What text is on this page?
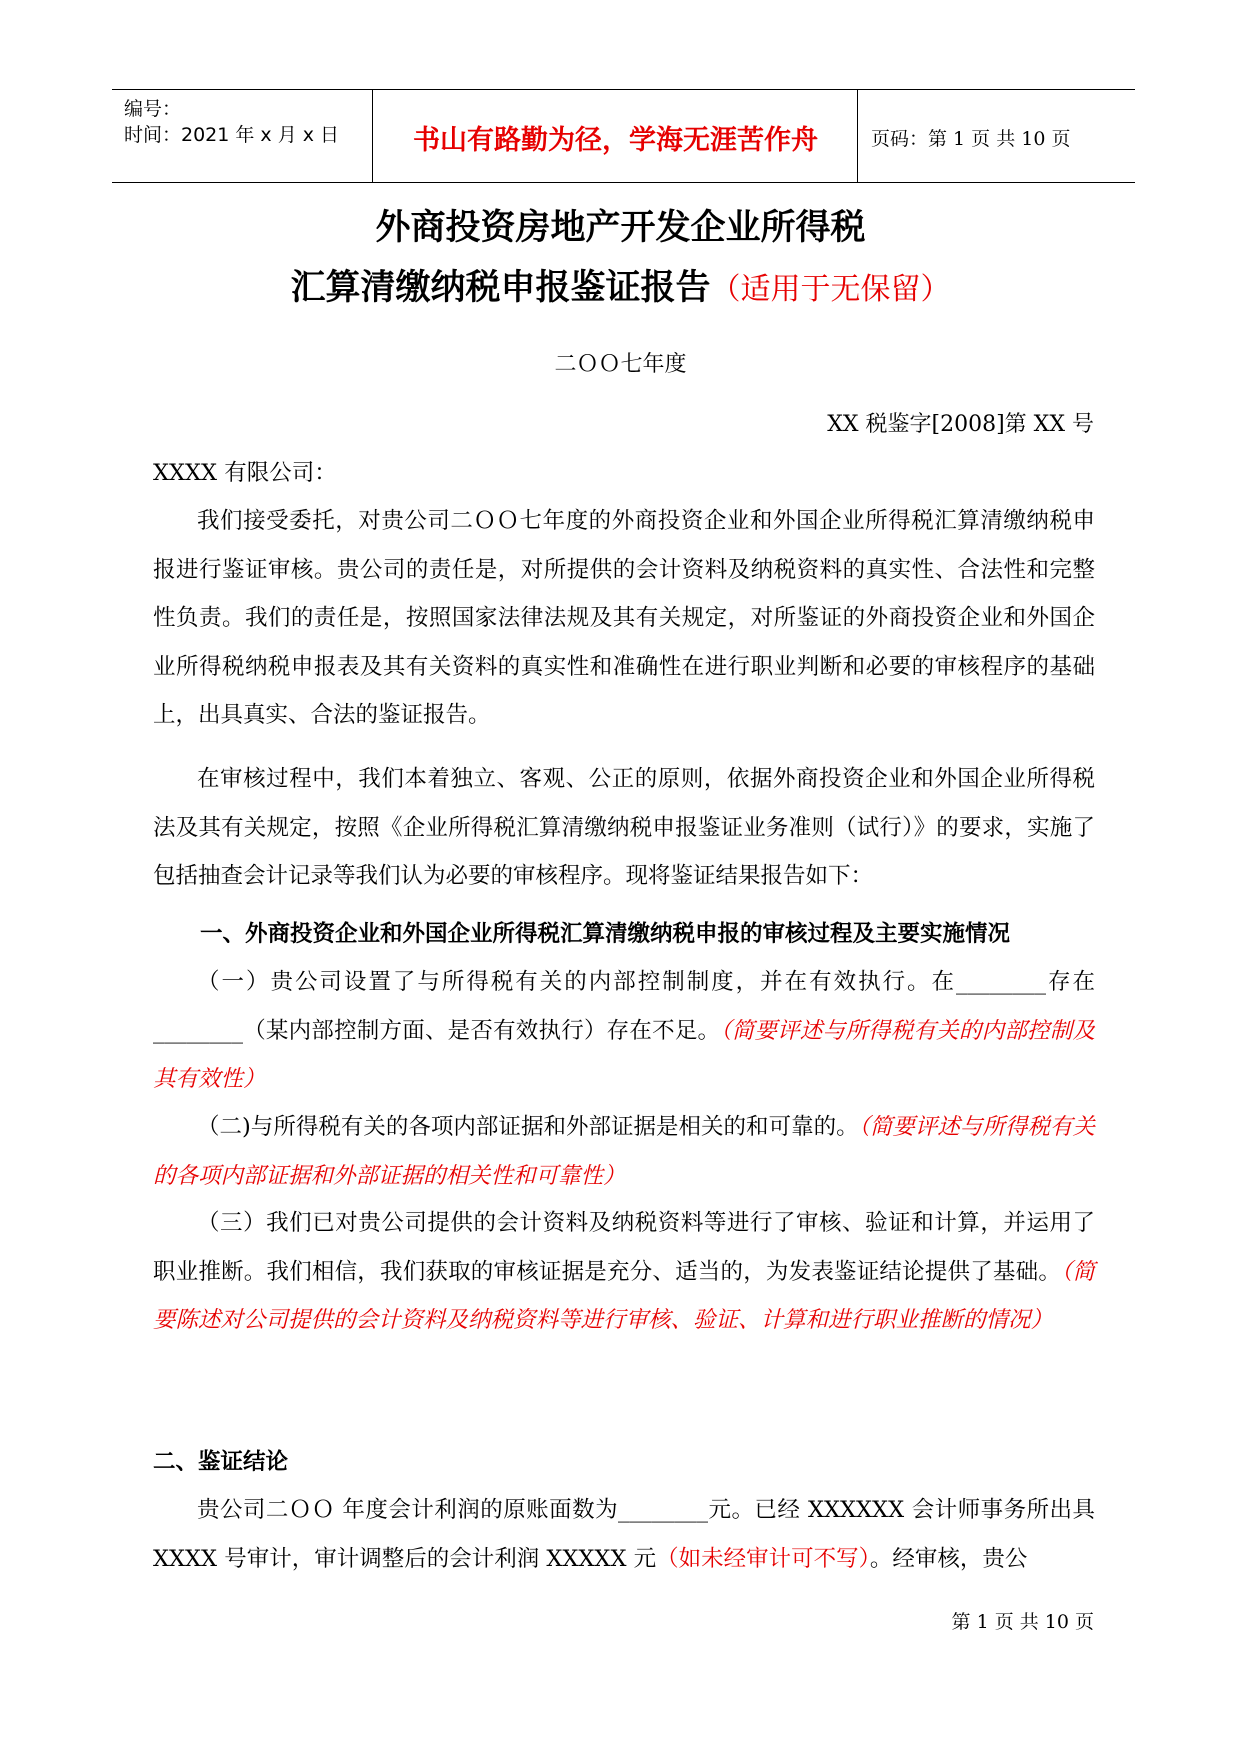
编号：
时间：2021 年 x 月 x 日	书山有路勤为径，学海无涯苦作舟	页码：第 1 页 共 10 页
外商投资房地产开发企业所得税
汇算清缴纳税申报鉴证报告（适用于无保留）
二ＯＯ七年度
XX 税鉴字[2008]第 XX 号
XXXX 有限公司：
我们接受委托，对贵公司二ＯＯ七年度的外商投资企业和外国企业所得税汇算清缴纳税申报进行鉴证审核。贵公司的责任是，对所提供的会计资料及纳税资料的真实性、合法性和完整性负责。我们的责任是，按照国家法律法规及其有关规定，对所鉴证的外商投资企业和外国企业所得税纳税申报表及其有关资料的真实性和准确性在进行职业判断和必要的审核程序的基础上，出具真实、合法的鉴证报告。
在审核过程中，我们本着独立、客观、公正的原则，依据外商投资企业和外国企业所得税法及其有关规定，按照《企业所得税汇算清缴纳税申报鉴证业务准则（试行）》的要求，实施了包括抽查会计记录等我们认为必要的审核程序。现将鉴证结果报告如下：
一、外商投资企业和外国企业所得税汇算清缴纳税申报的审核过程及主要实施情况
（一）贵公司设置了与所得税有关的内部控制制度，并在有效执行。在________存在________（某内部控制方面、是否有效执行）存在不足。（简要评述与所得税有关的内部控制及其有效性）
（二)与所得税有关的各项内部证据和外部证据是相关的和可靠的。（简要评述与所得税有关的各项内部证据和外部证据的相关性和可靠性）
（三）我们已对贵公司提供的会计资料及纳税资料等进行了审核、验证和计算，并运用了职业推断。我们相信，我们获取的审核证据是充分、适当的，为发表鉴证结论提供了基础。（简要陈述对公司提供的会计资料及纳税资料等进行审核、验证、计算和进行职业推断的情况）
二、鉴证结论
贵公司二ＯＯ 年度会计利润的原账面数为________元。已经 XXXXXX 会计师事务所出具 XXXX 号审计，审计调整后的会计利润 XXXXX 元（如未经审计可不写）。经审核，贵公
第 1 页 共 10 页
